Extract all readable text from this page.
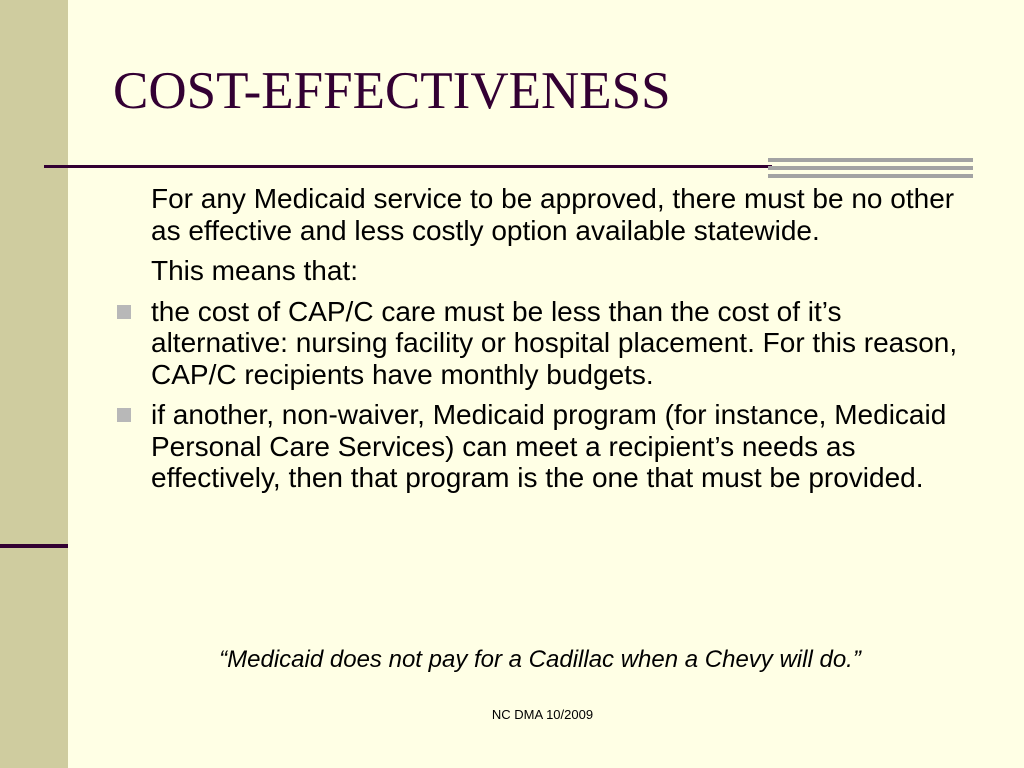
COST-EFFECTIVENESS
For any Medicaid service to be approved, there must be no other as effective and less costly option available statewide.
This means that:
the cost of CAP/C care must be less than the cost of it’s alternative: nursing facility or hospital placement. For this reason, CAP/C recipients have monthly budgets.
if another, non-waiver, Medicaid program (for instance, Medicaid Personal Care Services) can meet a recipient’s needs as effectively, then that program is the one that must be provided.
“Medicaid does not pay for a Cadillac when a Chevy will do.”
NC DMA 10/2009
